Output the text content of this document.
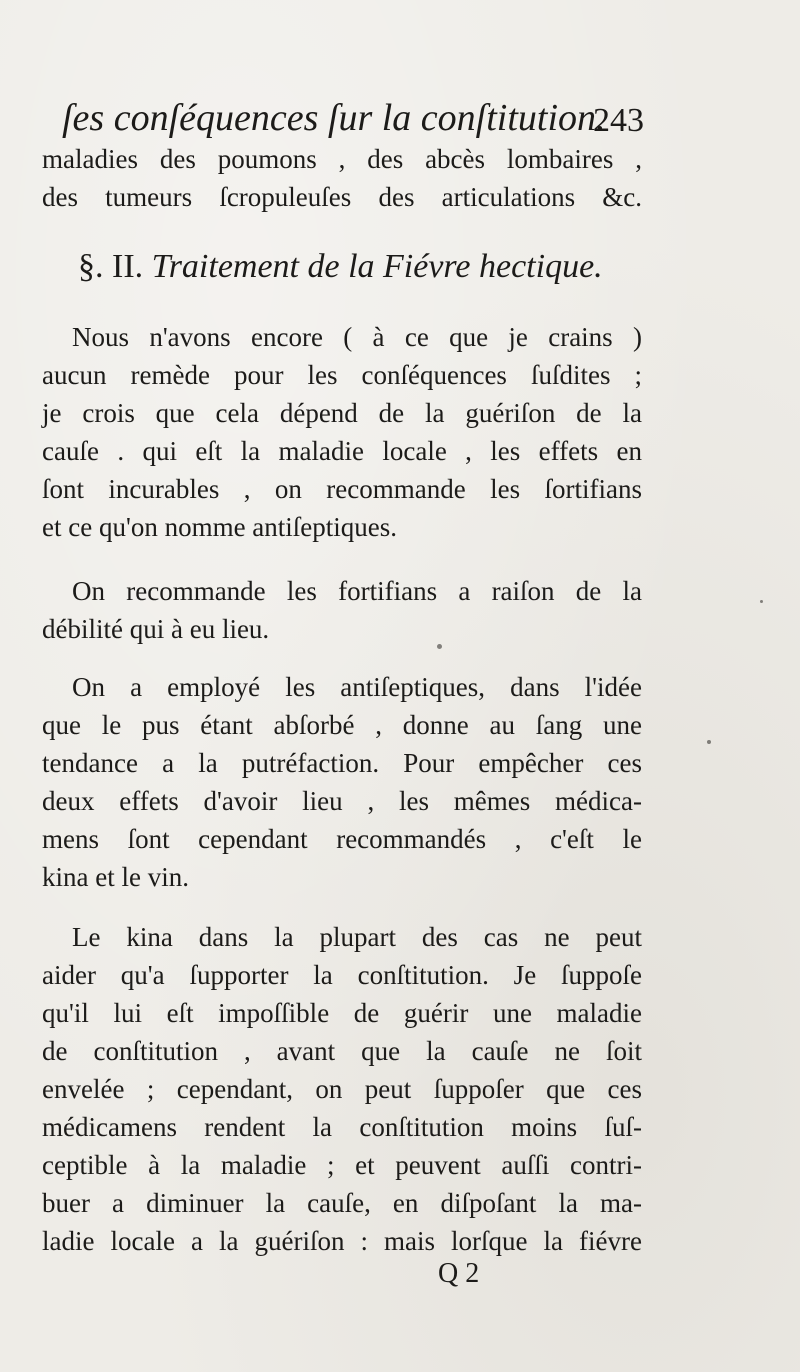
ſes conſéquences ſur la conſtitution.
243
maladies des poumons , des abcès lombaires ,
des tumeurs ſcropuleuſes des articulations &c.
§. II. Traitement de la Fiévre hectique.
Nous n'avons encore ( à ce que je crains )
aucun remède pour les conſéquences ſuſdites ;
je crois que cela dépend de la guériſon de la
cauſe . qui eſt la maladie locale , les effets en
ſont incurables , on recommande les ſortifians
et ce qu'on nomme antiſeptiques.
On recommande les fortifians a raiſon de la
débilité qui à eu lieu.
On a employé les antiſeptiques, dans l'idée
que le pus étant abſorbé , donne au ſang une
tendance a la putréfaction. Pour empêcher ces
deux effets d'avoir lieu , les mêmes médica-
mens ſont cependant recommandés , c'eſt le
kina et le vin.
Le kina dans la plupart des cas ne peut
aider qu'a ſupporter la conſtitution. Je ſuppoſe
qu'il lui eſt impoſſible de guérir une maladie
de conſtitution , avant que la cauſe ne ſoit
envelée ; cependant, on peut ſuppoſer que ces
médicamens rendent la conſtitution moins ſuſ-
ceptible à la maladie ; et peuvent auſſi contri-
buer a diminuer la cauſe, en diſpoſant la ma-
ladie locale a la guériſon : mais lorſque la fiévre
Q 2
